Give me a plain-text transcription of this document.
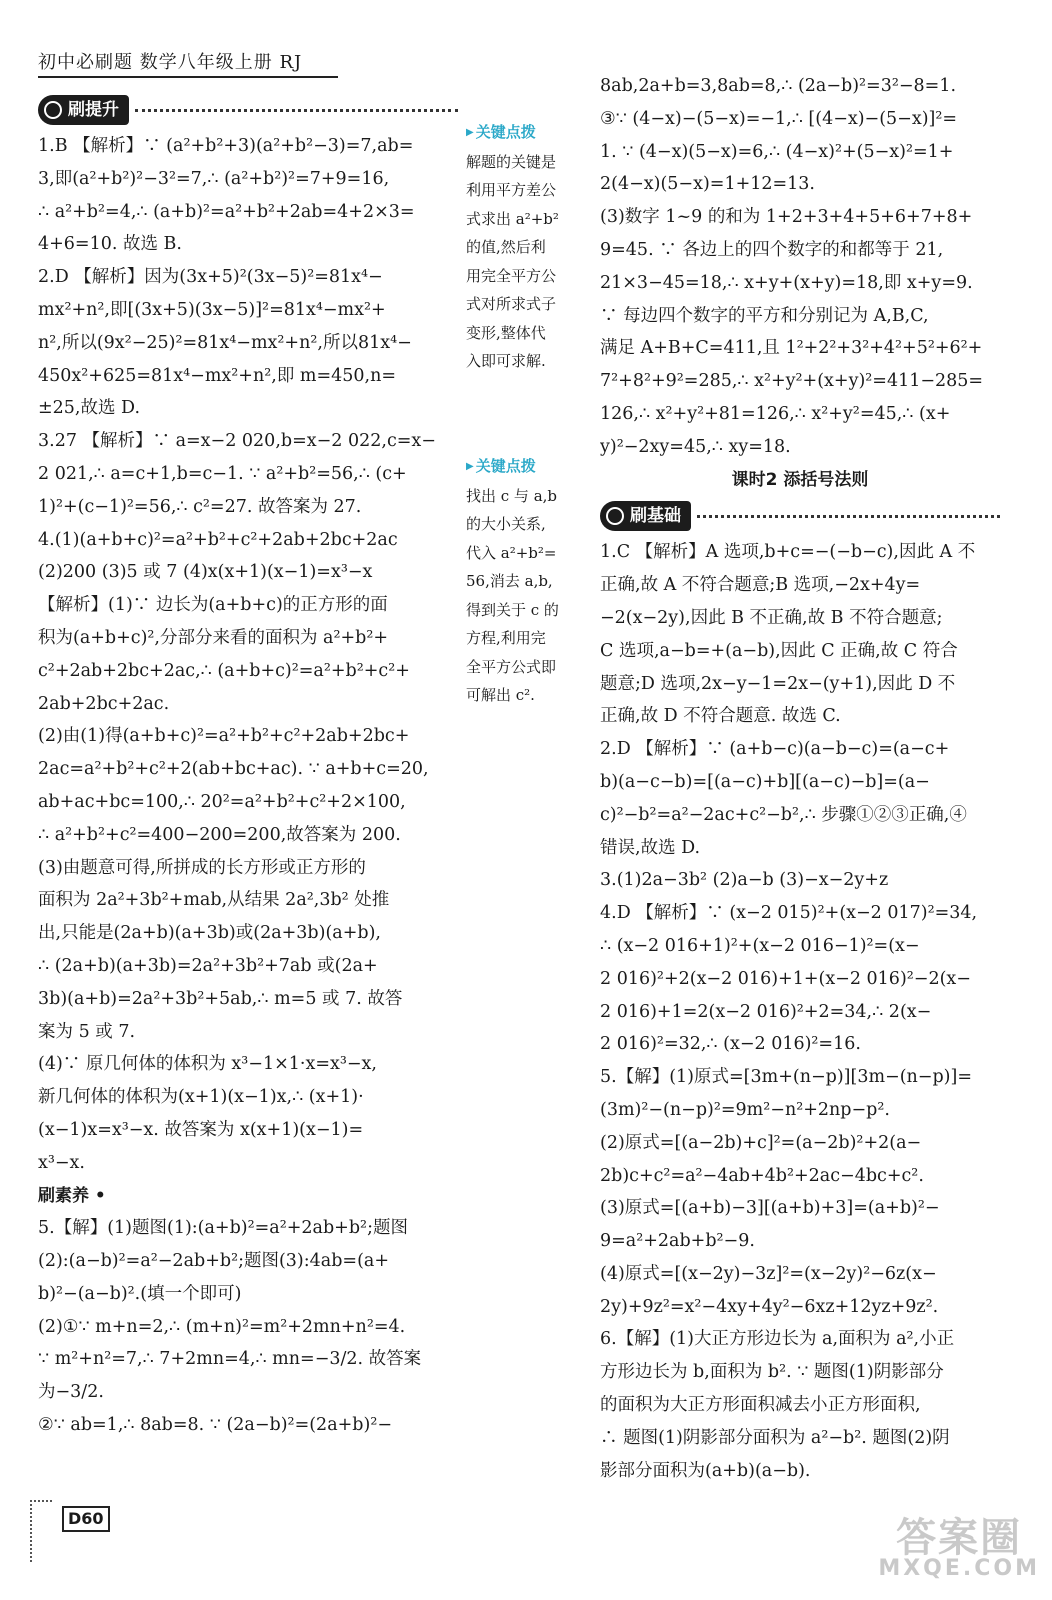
初中必刷题 数学八年级上册 RJ
刷提升
1.B 【解析】∵ (a²+b²+3)(a²+b²−3)=7,ab=
3,即(a²+b²)²−3²=7,∴ (a²+b²)²=7+9=16,
∴ a²+b²=4,∴ (a+b)²=a²+b²+2ab=4+2×3=
4+6=10. 故选 B.
2.D 【解析】因为(3x+5)²(3x−5)²=81x⁴−
mx²+n²,即[(3x+5)(3x−5)]²=81x⁴−mx²+
n²,所以(9x²−25)²=81x⁴−mx²+n²,所以81x⁴−
450x²+625=81x⁴−mx²+n²,即 m=450,n=
±25,故选 D.
3.27 【解析】∵ a=x−2 020,b=x−2 022,c=x−
2 021,∴ a=c+1,b=c−1. ∵ a²+b²=56,∴ (c+
1)²+(c−1)²=56,∴ c²=27. 故答案为 27.
4.(1)(a+b+c)²=a²+b²+c²+2ab+2bc+2ac
(2)200 (3)5 或 7 (4)x(x+1)(x−1)=x³−x
【解析】(1)∵ 边长为(a+b+c)的正方形的面
积为(a+b+c)²,分部分来看的面积为 a²+b²+
c²+2ab+2bc+2ac,∴ (a+b+c)²=a²+b²+c²+
2ab+2bc+2ac.
(2)由(1)得(a+b+c)²=a²+b²+c²+2ab+2bc+
2ac=a²+b²+c²+2(ab+bc+ac). ∵ a+b+c=20,
ab+ac+bc=100,∴ 20²=a²+b²+c²+2×100,
∴ a²+b²+c²=400−200=200,故答案为 200.
(3)由题意可得,所拼成的长方形或正方形的
面积为 2a²+3b²+mab,从结果 2a²,3b² 处推
出,只能是(2a+b)(a+3b)或(2a+3b)(a+b),
∴ (2a+b)(a+3b)=2a²+3b²+7ab 或(2a+
3b)(a+b)=2a²+3b²+5ab,∴ m=5 或 7. 故答
案为 5 或 7.
(4)∵ 原几何体的体积为 x³−1×1·x=x³−x,
新几何体的体积为(x+1)(x−1)x,∴ (x+1)·
(x−1)x=x³−x. 故答案为 x(x+1)(x−1)=
x³−x.
刷素养 •
5.【解】(1)题图(1):(a+b)²=a²+2ab+b²;题图
(2):(a−b)²=a²−2ab+b²;题图(3):4ab=(a+
b)²−(a−b)².(填一个即可)
(2)①∵ m+n=2,∴ (m+n)²=m²+2mn+n²=4.
∵ m²+n²=7,∴ 7+2mn=4,∴ mn=−3/2. 故答案
为−3/2.
②∵ ab=1,∴ 8ab=8. ∵ (2a−b)²=(2a+b)²−
▶ 关键点拨
解题的关键是
利用平方差公
式求出 a²+b²
的值,然后利
用完全平方公
式对所求式子
变形,整体代
入即可求解.
▶ 关键点拨
找出 c 与 a,b
的大小关系,
代入 a²+b²=
56,消去 a,b,
得到关于 c 的
方程,利用完
全平方公式即
可解出 c².
8ab,2a+b=3,8ab=8,∴ (2a−b)²=3²−8=1.
③∵ (4−x)−(5−x)=−1,∴ [(4−x)−(5−x)]²=
1. ∵ (4−x)(5−x)=6,∴ (4−x)²+(5−x)²=1+
2(4−x)(5−x)=1+12=13.
(3)数字 1~9 的和为 1+2+3+4+5+6+7+8+
9=45. ∵ 各边上的四个数字的和都等于 21,
21×3−45=18,∴ x+y+(x+y)=18,即 x+y=9.
∵ 每边四个数字的平方和分别记为 A,B,C,
满足 A+B+C=411,且 1²+2²+3²+4²+5²+6²+
7²+8²+9²=285,∴ x²+y²+(x+y)²=411−285=
126,∴ x²+y²+81=126,∴ x²+y²=45,∴ (x+
y)²−2xy=45,∴ xy=18.
课时2 添括号法则
刷基础
1.C 【解析】A 选项,b+c=−(−b−c),因此 A 不
正确,故 A 不符合题意;B 选项,−2x+4y=
−2(x−2y),因此 B 不正确,故 B 不符合题意;
C 选项,a−b=+(a−b),因此 C 正确,故 C 符合
题意;D 选项,2x−y−1=2x−(y+1),因此 D 不
正确,故 D 不符合题意. 故选 C.
2.D 【解析】∵ (a+b−c)(a−b−c)=(a−c+
b)(a−c−b)=[(a−c)+b][(a−c)−b]=(a−
c)²−b²=a²−2ac+c²−b²,∴ 步骤①②③正确,④
错误,故选 D.
3.(1)2a−3b² (2)a−b (3)−x−2y+z
4.D 【解析】∵ (x−2 015)²+(x−2 017)²=34,
∴ (x−2 016+1)²+(x−2 016−1)²=(x−
2 016)²+2(x−2 016)+1+(x−2 016)²−2(x−
2 016)+1=2(x−2 016)²+2=34,∴ 2(x−
2 016)²=32,∴ (x−2 016)²=16.
5.【解】(1)原式=[3m+(n−p)][3m−(n−p)]=
(3m)²−(n−p)²=9m²−n²+2np−p².
(2)原式=[(a−2b)+c]²=(a−2b)²+2(a−
2b)c+c²=a²−4ab+4b²+2ac−4bc+c².
(3)原式=[(a+b)−3][(a+b)+3]=(a+b)²−
9=a²+2ab+b²−9.
(4)原式=[(x−2y)−3z]²=(x−2y)²−6z(x−
2y)+9z²=x²−4xy+4y²−6xz+12yz+9z².
6.【解】(1)大正方形边长为 a,面积为 a²,小正
方形边长为 b,面积为 b². ∵ 题图(1)阴影部分
的面积为大正方形面积减去小正方形面积,
∴ 题图(1)阴影部分面积为 a²−b². 题图(2)阴
影部分面积为(a+b)(a−b).
D60	答案圈
MXQE.COM
